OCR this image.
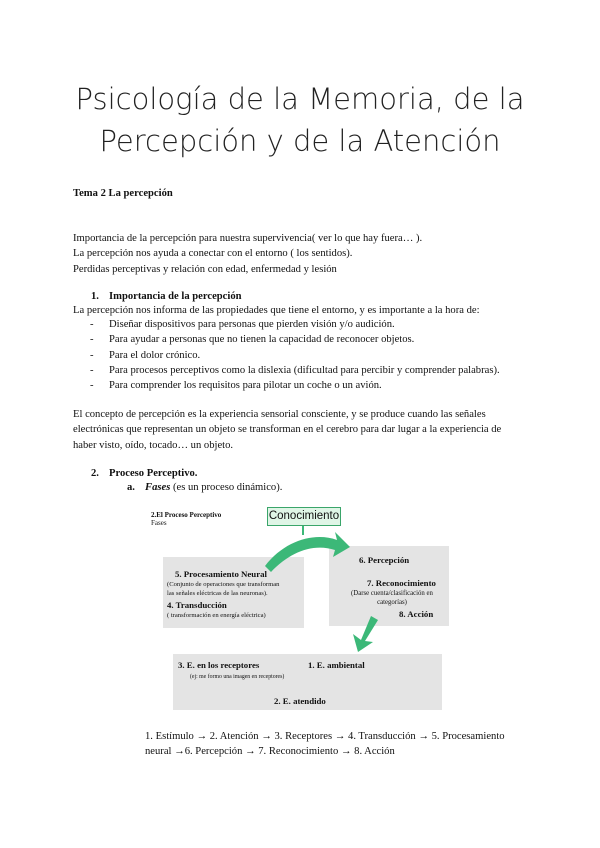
Psicología de la Memoria, de la
Percepción y de la Atención
Tema 2 La percepción
Importancia de la percepción para nuestra supervivencia( ver lo que hay fuera… ).
La percepción nos ayuda a conectar con el entorno ( los sentidos).
Perdidas perceptivas y relación con edad, enfermedad y lesión
1. Importancia de la percepción
La percepción nos informa de las propiedades que tiene el entorno, y es importante a la hora de:
- Diseñar dispositivos para personas que pierden visión y/o audición.
- Para ayudar a personas que no tienen la capacidad de reconocer objetos.
- Para el dolor crónico.
- Para procesos perceptivos como la dislexia (dificultad para percibir y comprender palabras).
- Para comprender los requisitos para pilotar un coche o un avión.
El concepto de percepción es la experiencia sensorial consciente, y se produce cuando las señales
electrónicas que representan un objeto se transforman en el cerebro para dar lugar a la experiencia de
haber visto, oído, tocado… un objeto.
2. Proceso Perceptivo.
a. Fases (es un proceso dinámico).
2.El Proceso Perceptivo
Fases
Conocimiento
5. Procesamiento Neural
(Conjunto de operaciones que transforman
las señales eléctricas de las neuronas).
4. Transducción
( transformación en energía eléctrica)
6. Percepción
7. Reconocimiento
(Darse cuenta/clasificación en
categorías)
8. Acción
3. E. en los receptores	1. E. ambiental
(ej: me formo una imagen en receptores)
2. E. atendido
1. Estímulo → 2. Atención → 3. Receptores → 4. Transducción → 5. Procesamiento
neural →6. Percepción → 7. Reconocimiento → 8. Acción
